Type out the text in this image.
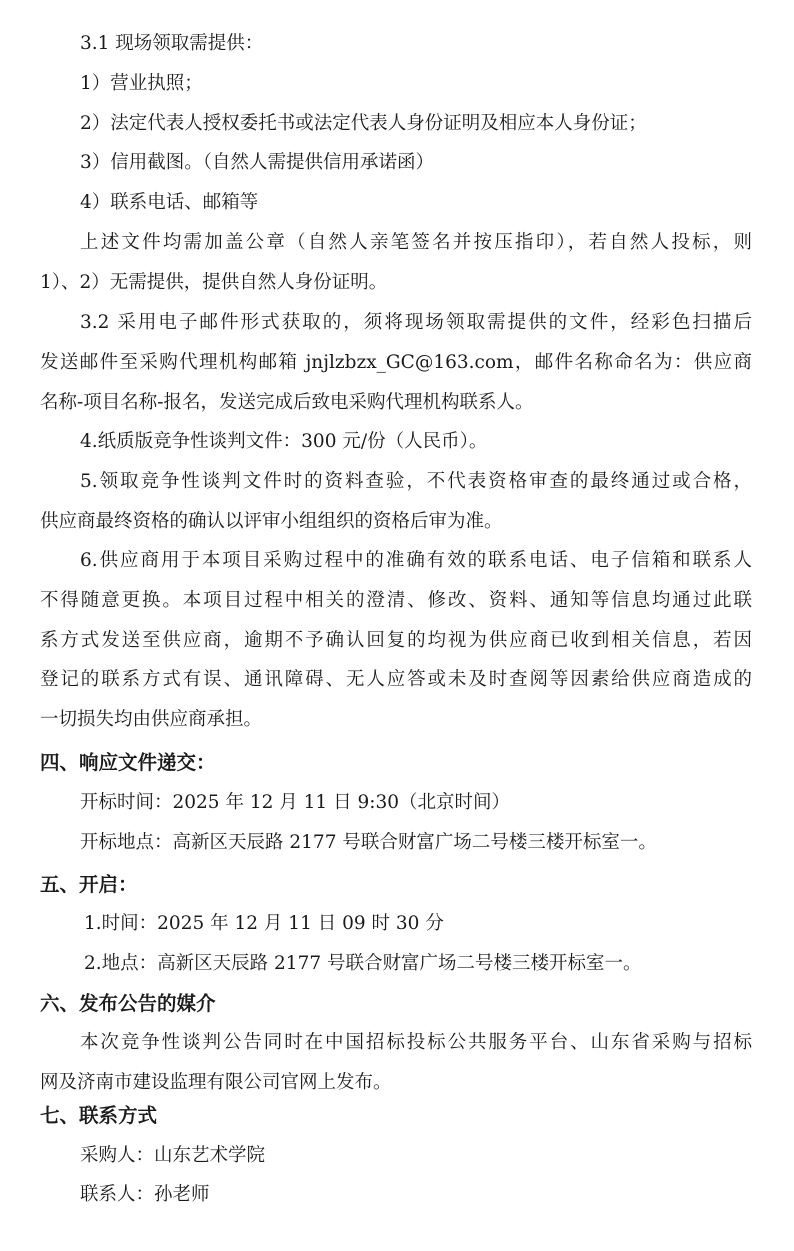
3.1 现场领取需提供：
1）营业执照；
2）法定代表人授权委托书或法定代表人身份证明及相应本人身份证；
3）信用截图。（自然人需提供信用承诺函）
4）联系电话、邮箱等
上述文件均需加盖公章（自然人亲笔签名并按压指印），若自然人投标，则
1）、2）无需提供，提供自然人身份证明。
3.2 采用电子邮件形式获取的，须将现场领取需提供的文件，经彩色扫描后
发送邮件至采购代理机构邮箱 jnjlzbzx_GC@163.com，邮件名称命名为：供应商
名称-项目名称-报名，发送完成后致电采购代理机构联系人。
4.纸质版竞争性谈判文件：300 元/份（人民币）。
5.领取竞争性谈判文件时的资料查验，不代表资格审查的最终通过或合格，
供应商最终资格的确认以评审小组组织的资格后审为准。
6.供应商用于本项目采购过程中的准确有效的联系电话、电子信箱和联系人
不得随意更换。本项目过程中相关的澄清、修改、资料、通知等信息均通过此联
系方式发送至供应商，逾期不予确认回复的均视为供应商已收到相关信息，若因
登记的联系方式有误、通讯障碍、无人应答或未及时查阅等因素给供应商造成的
一切损失均由供应商承担。
四、响应文件递交：
开标时间：2025 年 12 月 11 日 9:30（北京时间）
开标地点：高新区天辰路 2177 号联合财富广场二号楼三楼开标室一。
五、开启：
1.时间：2025 年 12 月 11 日 09 时 30 分
2.地点：高新区天辰路 2177 号联合财富广场二号楼三楼开标室一。
六、发布公告的媒介
本次竞争性谈判公告同时在中国招标投标公共服务平台、山东省采购与招标
网及济南市建设监理有限公司官网上发布。
七、联系方式
采购人：山东艺术学院
联系人：孙老师
